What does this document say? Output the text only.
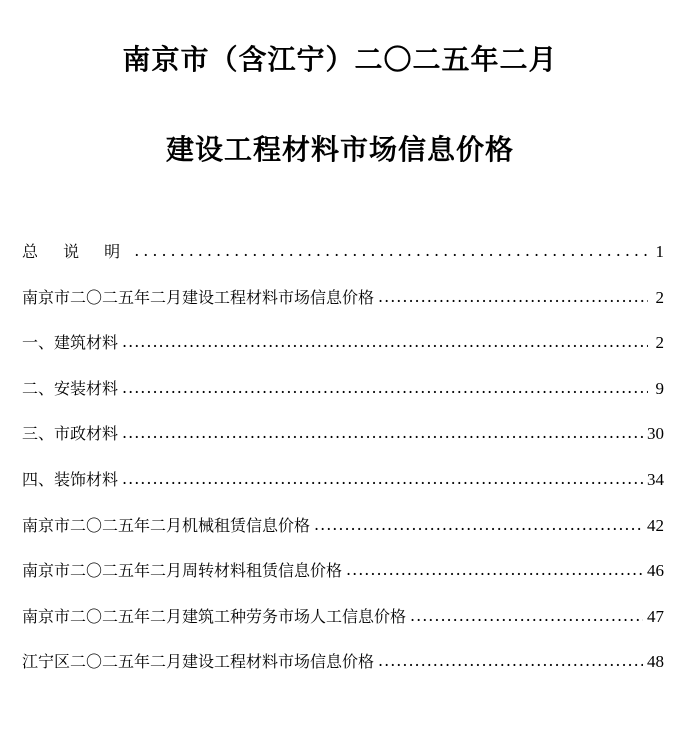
南京市（含江宁）二〇二五年二月
建设工程材料市场信息价格
总 说 明 .....	1
南京市二〇二五年二月建设工程材料市场信息价格 .....	2
一、建筑材料 .....	2
二、安装材料 .....	9
三、市政材料 .....	30
四、装饰材料 .....	34
南京市二〇二五年二月机械租赁信息价格 .....	42
南京市二〇二五年二月周转材料租赁信息价格 .....	46
南京市二〇二五年二月建筑工种劳务市场人工信息价格 .....	47
江宁区二〇二五年二月建设工程材料市场信息价格 .....	48
